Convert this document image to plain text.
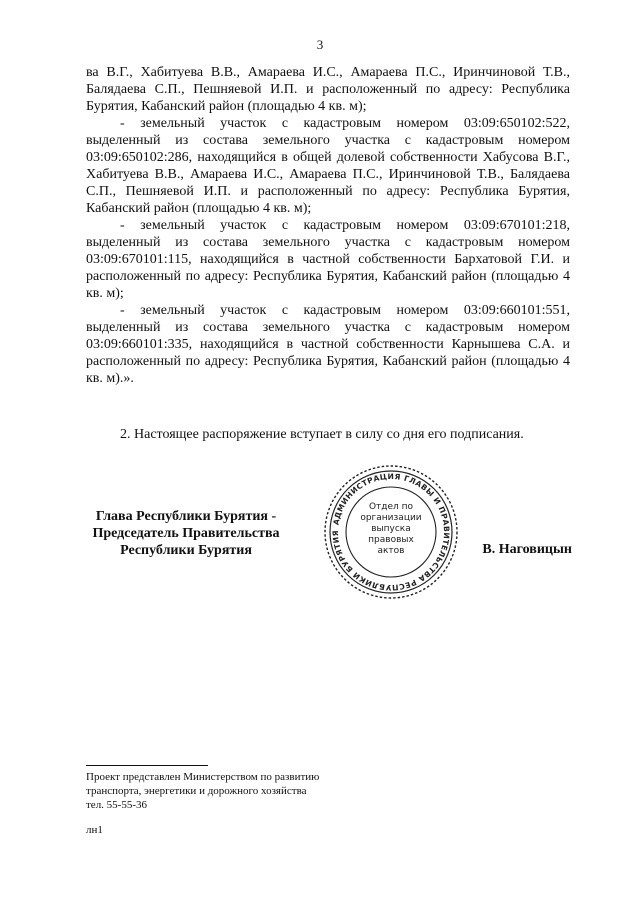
3

ва В.Г., Хабитуева В.В., Амараева И.С., Амараева П.С., Иринчиновой Т.В., Балядаева С.П., Пешняевой И.П. и расположенный по адресу: Республика Бурятия, Кабанский район (площадью 4 кв. м);

- земельный участок с кадастровым номером 03:09:650102:522, выделенный из состава земельного участка с кадастровым номером 03:09:650102:286, находящийся в общей долевой собственности Хабусова В.Г., Хабитуева В.В., Амараева И.С., Амараева П.С., Иринчиновой Т.В., Балядаева С.П., Пешняевой И.П. и расположенный по адресу: Республика Бурятия, Кабанский район (площадью 4 кв. м);

- земельный участок с кадастровым номером 03:09:670101:218, выделенный из состава земельного участка с кадастровым номером 03:09:670101:115, находящийся в частной собственности Бархатовой Г.И. и расположенный по адресу: Республика Бурятия, Кабанский район (площадью 4 кв. м);

- земельный участок с кадастровым номером 03:09:660101:551, выделенный из состава земельного участка с кадастровым номером 03:09:660101:335, находящийся в частной собственности Карнышева С.А. и расположенный по адресу: Республика Бурятия, Кабанский район (площадью 4 кв. м).».

2. Настоящее распоряжение вступает в силу со дня его подписания.
Глава Республики Бурятия -
Председатель Правительства
Республики Бурятия
АДМИНИСТРАЦИЯ ГЛАВЫ И ПРАВИТЕЛЬСТВА РЕСПУБЛИКИ БУРЯТИЯ
Отдел по
организации
выпуска
правовых
актов	В. Наговицын
Проект представлен Министерством по развитию
транспорта, энергетики и дорожного хозяйства
тел. 55-55-36
лн1
